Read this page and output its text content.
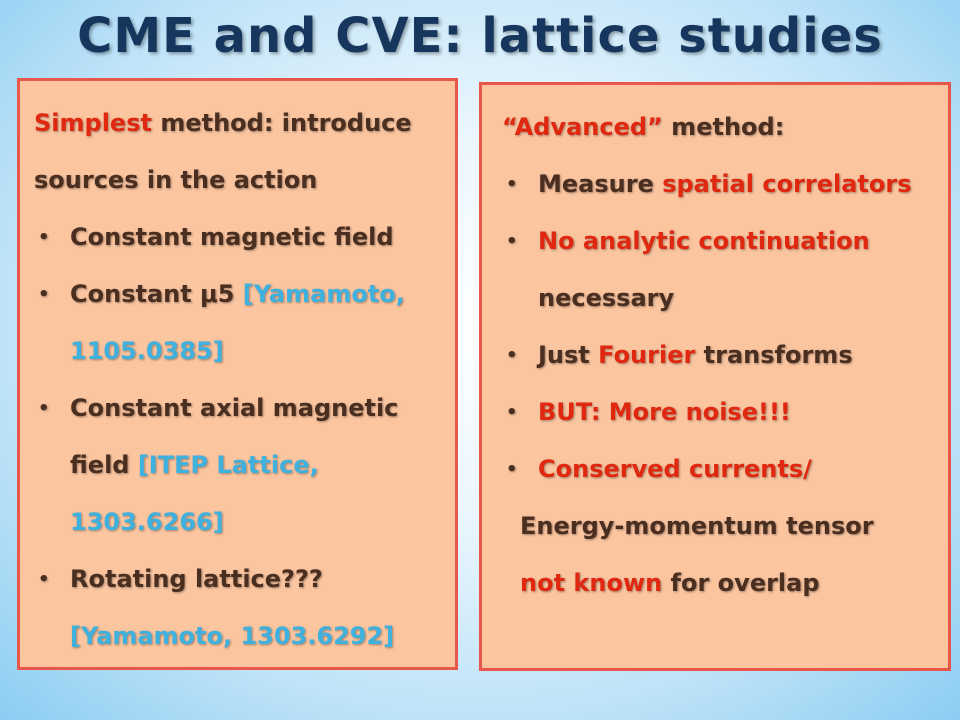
CME and CVE: lattice studies

Simplest method: introduce

sources in the action

• Constant magnetic field

• Constant μ5 [Yamamoto,

1105.0385]

• Constant axial magnetic

field [ITEP Lattice,

1303.6266]

• Rotating lattice???

[Yamamoto, 1303.6292]

“Advanced” method:

• Measure spatial correlators

• No analytic continuation

necessary

• Just Fourier transforms

• BUT: More noise!!!

• Conserved currents/

Energy-momentum tensor

not known for overlap
